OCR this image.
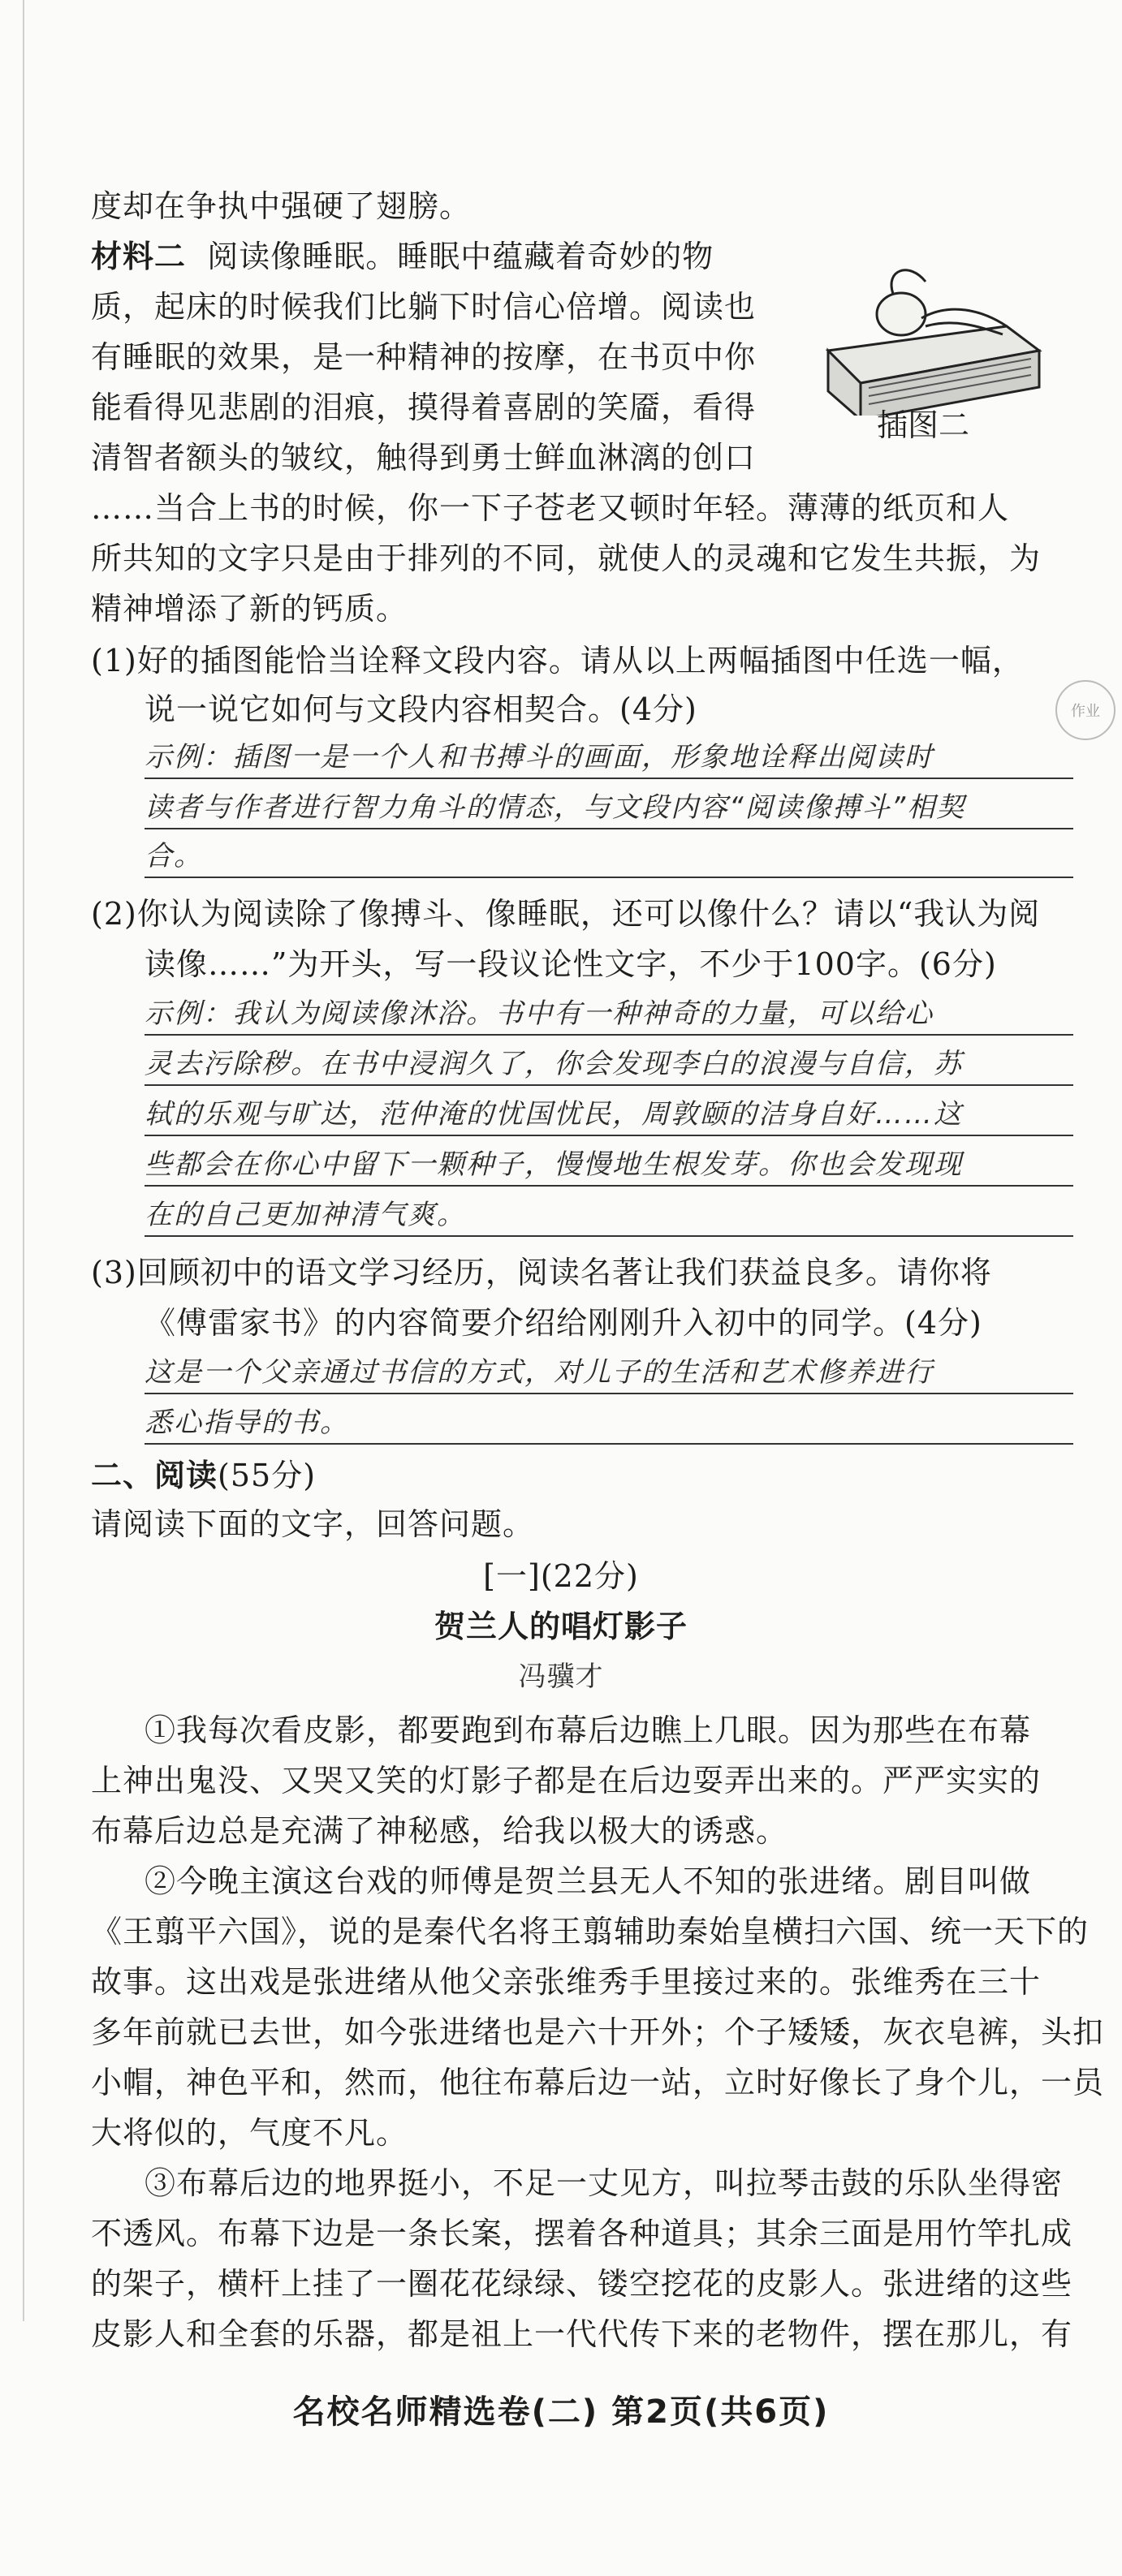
度却在争执中强硬了翅膀。
材料二 阅读像睡眠。睡眠中蕴藏着奇妙的物
质，起床的时候我们比躺下时信心倍增。阅读也
有睡眠的效果，是一种精神的按摩，在书页中你
能看得见悲剧的泪痕，摸得着喜剧的笑靥，看得
清智者额头的皱纹，触得到勇士鲜血淋漓的创口
插图二
……当合上书的时候，你一下子苍老又顿时年轻。薄薄的纸页和人
所共知的文字只是由于排列的不同，就使人的灵魂和它发生共振，为
精神增添了新的钙质。
(1)好的插图能恰当诠释文段内容。请从以上两幅插图中任选一幅，
说一说它如何与文段内容相契合。(4分)	作业
示例：插图一是一个人和书搏斗的画面，形象地诠释出阅读时
读者与作者进行智力角斗的情态，与文段内容“阅读像搏斗”相契
合。
(2)你认为阅读除了像搏斗、像睡眠，还可以像什么？请以“我认为阅
读像……”为开头，写一段议论性文字，不少于100字。(6分)
示例：我认为阅读像沐浴。书中有一种神奇的力量，可以给心
灵去污除秽。在书中浸润久了，你会发现李白的浪漫与自信，苏
轼的乐观与旷达，范仲淹的忧国忧民，周敦颐的洁身自好……这
些都会在你心中留下一颗种子，慢慢地生根发芽。你也会发现现
在的自己更加神清气爽。
(3)回顾初中的语文学习经历，阅读名著让我们获益良多。请你将
《傅雷家书》的内容简要介绍给刚刚升入初中的同学。(4分)
这是一个父亲通过书信的方式，对儿子的生活和艺术修养进行
悉心指导的书。
二、阅读(55分)
请阅读下面的文字，回答问题。
[一](22分)
贺兰人的唱灯影子
冯骥才
①我每次看皮影，都要跑到布幕后边瞧上几眼。因为那些在布幕
上神出鬼没、又哭又笑的灯影子都是在后边耍弄出来的。严严实实的
布幕后边总是充满了神秘感，给我以极大的诱惑。
②今晚主演这台戏的师傅是贺兰县无人不知的张进绪。剧目叫做
《王翦平六国》，说的是秦代名将王翦辅助秦始皇横扫六国、统一天下的
故事。这出戏是张进绪从他父亲张维秀手里接过来的。张维秀在三十
多年前就已去世，如今张进绪也是六十开外；个子矮矮，灰衣皂裤，头扣
小帽，神色平和，然而，他往布幕后边一站，立时好像长了身个儿，一员
大将似的，气度不凡。
③布幕后边的地界挺小，不足一丈见方，叫拉琴击鼓的乐队坐得密
不透风。布幕下边是一条长案，摆着各种道具；其余三面是用竹竿扎成
的架子，横杆上挂了一圈花花绿绿、镂空挖花的皮影人。张进绪的这些
皮影人和全套的乐器，都是祖上一代代传下来的老物件，摆在那儿，有
名校名师精选卷(二) 第2页(共6页)
